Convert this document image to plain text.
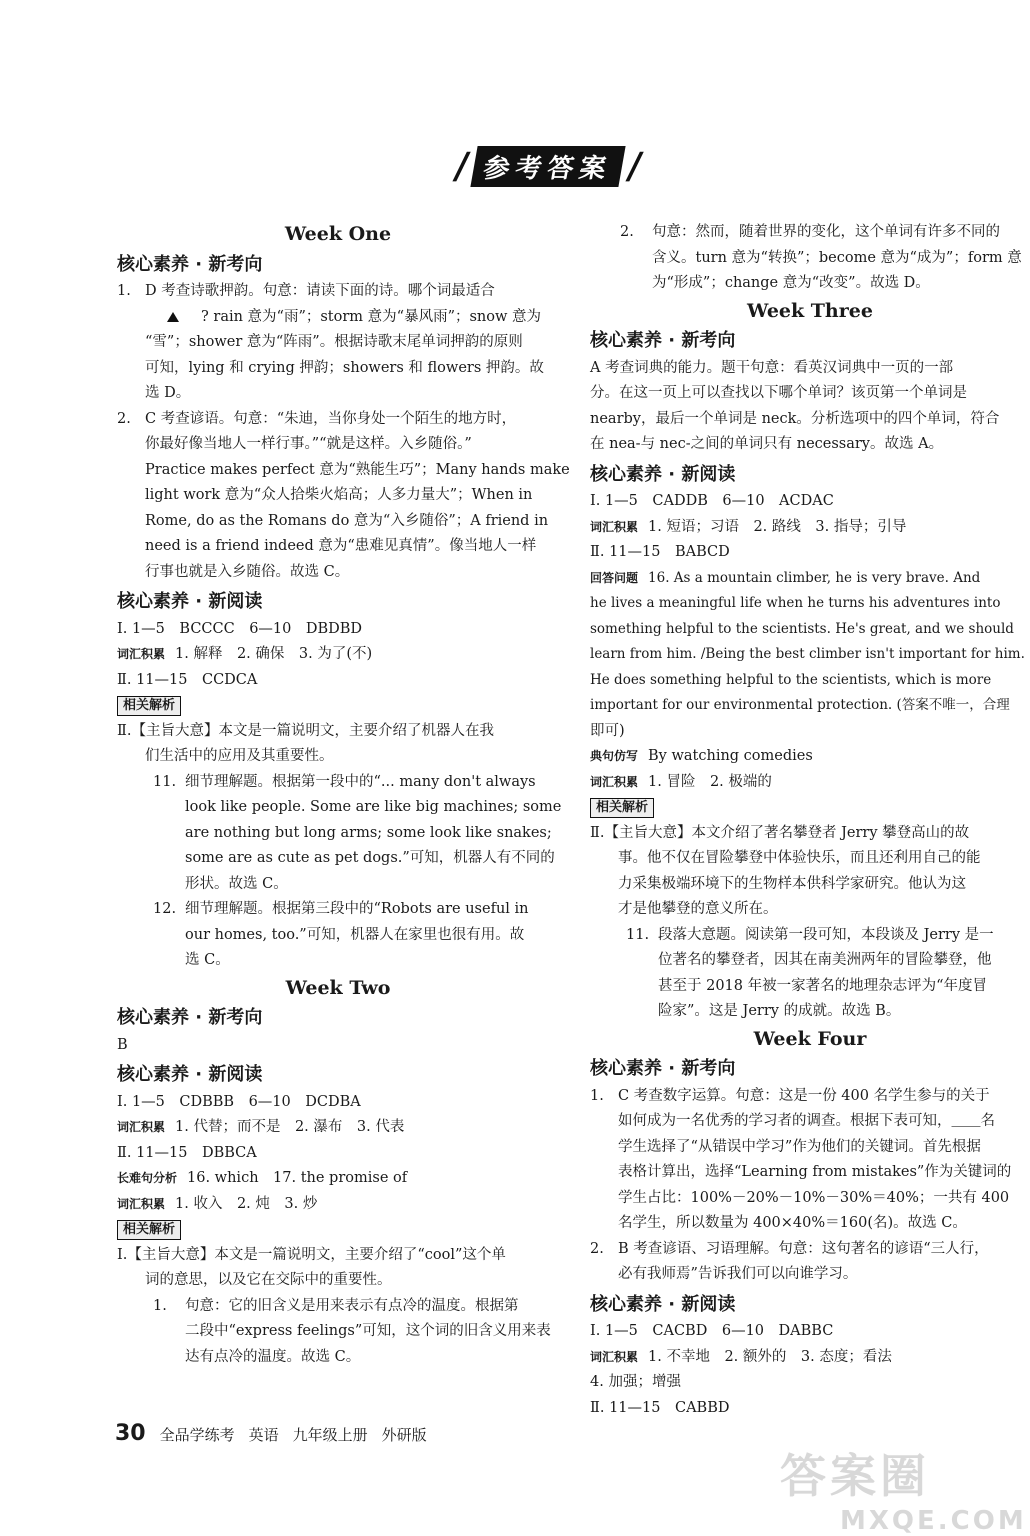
/ 参考答案 /
Week One
核心素养 · 新考向
1. D 考查诗歌押韵。句意：请读下面的诗。哪个词最适合
? rain 意为“雨”；storm 意为“暴风雨”；snow 意为
“雪”；shower 意为“阵雨”。根据诗歌末尾单词押韵的原则
可知，lying 和 crying 押韵；showers 和 flowers 押韵。故
选 D。
2. C 考查谚语。句意：“朱迪，当你身处一个陌生的地方时，
你最好像当地人一样行事。”“就是这样。入乡随俗。”
Practice makes perfect 意为“熟能生巧”；Many hands make
light work 意为“众人拾柴火焰高；人多力量大”；When in
Rome, do as the Romans do 意为“入乡随俗”；A friend in
need is a friend indeed 意为“患难见真情”。像当地人一样
行事也就是入乡随俗。故选 C。
核心素养 · 新阅读
Ⅰ. 1—5　BCCCC　6—10　DBDBD
词汇积累 1. 解释　2. 确保　3. 为了(不)
Ⅱ. 11—15　CCDCA
相关解析
Ⅱ.【主旨大意】本文是一篇说明文，主要介绍了机器人在我
们生活中的应用及其重要性。
11. 细节理解题。根据第一段中的“... many don't always
look like people. Some are like big machines; some
are nothing but long arms; some look like snakes;
some are as cute as pet dogs.”可知，机器人有不同的
形状。故选 C。
12. 细节理解题。根据第三段中的“Robots are useful in
our homes, too.”可知，机器人在家里也很有用。故
选 C。
Week Two
核心素养 · 新考向
B
核心素养 · 新阅读
Ⅰ. 1—5　CDBBB　6—10　DCDBA
词汇积累 1. 代替；而不是　2. 瀑布　3. 代表
Ⅱ. 11—15　DBBCA
长难句分析 16. which　17. the promise of
词汇积累 1. 收入　2. 炖　3. 炒
相关解析
Ⅰ.【主旨大意】本文是一篇说明文，主要介绍了“cool”这个单
词的意思，以及它在交际中的重要性。
1.	句意：它的旧含义是用来表示有点冷的温度。根据第
二段中“express feelings”可知，这个词的旧含义用来表
达有点冷的温度。故选 C。
2.	句意：然而，随着世界的变化，这个单词有许多不同的
含义。turn 意为“转换”；become 意为“成为”；form 意
为“形成”；change 意为“改变”。故选 D。
Week Three
核心素养 · 新考向
A 考查词典的能力。题干句意：看英汉词典中一页的一部
分。在这一页上可以查找以下哪个单词？该页第一个单词是
nearby，最后一个单词是 neck。分析选项中的四个单词，符合
在 nea-与 nec-之间的单词只有 necessary。故选 A。
核心素养 · 新阅读
Ⅰ. 1—5　CADDB　6—10　ACDAC
词汇积累 1. 短语；习语　2. 路线　3. 指导；引导
Ⅱ. 11—15　BABCD
回答问题 16. As a mountain climber, he is very brave. And
he lives a meaningful life when he turns his adventures into
something helpful to the scientists. He's great, and we should
learn from him. /Being the best climber isn't important for him.
He does something helpful to the scientists, which is more
important for our environmental protection. (答案不唯一，合理
即可)
典句仿写 By watching comedies
词汇积累 1. 冒险　2. 极端的
相关解析
Ⅱ.【主旨大意】本文介绍了著名攀登者 Jerry 攀登高山的故
事。他不仅在冒险攀登中体验快乐，而且还利用自己的能
力采集极端环境下的生物样本供科学家研究。他认为这
才是他攀登的意义所在。
11. 段落大意题。阅读第一段可知，本段谈及 Jerry 是一
位著名的攀登者，因其在南美洲两年的冒险攀登，他
甚至于 2018 年被一家著名的地理杂志评为“年度冒
险家”。这是 Jerry 的成就。故选 B。
Week Four
核心素养 · 新考向
1. C 考查数字运算。句意：这是一份 400 名学生参与的关于
如何成为一名优秀的学习者的调查。根据下表可知，＿＿名
学生选择了“从错误中学习”作为他们的关键词。首先根据
表格计算出，选择“Learning from mistakes”作为关键词的
学生占比：100%－20%－10%－30%＝40%；一共有 400
名学生，所以数量为 400×40%＝160(名)。故选 C。
2. B 考查谚语、习语理解。句意：这句著名的谚语“三人行，
必有我师焉”告诉我们可以向谁学习。
核心素养 · 新阅读
Ⅰ. 1—5　CACBD　6—10　DABBC
词汇积累 1. 不幸地　2. 额外的　3. 态度；看法
4. 加强；增强
Ⅱ. 11—15　CABBD
30 全品学练考 英语 九年级上册 外研版
答案圈
MXQE.COM
